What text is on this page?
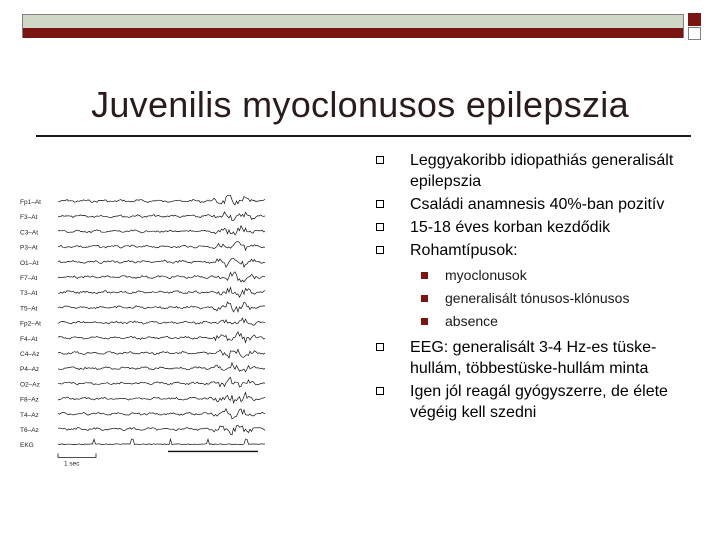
Juvenilis myoclonusos epilepszia
Fp1–At
F3–At
C3–At
P3–At
O1–At
F7–At
T3–At
T5–At
Fp2–At
F4–At
C4–Az
P4–Az
O2–Az
F8–Az
T4–Az
T6–Az
EKG
1 sec
Leggyakoribb idiopathiás generalisált epilepszia
Családi anamnesis 40%-ban pozitív
15-18 éves korban kezdődik
Rohamtípusok:
myoclonusok
generalisált tónusos-klónusos
absence
EEG: generalisált 3-4 Hz-es tüske-hullám, többestüske-hullám minta
Igen jól reagál gyógyszerre, de élete végéig kell szedni
